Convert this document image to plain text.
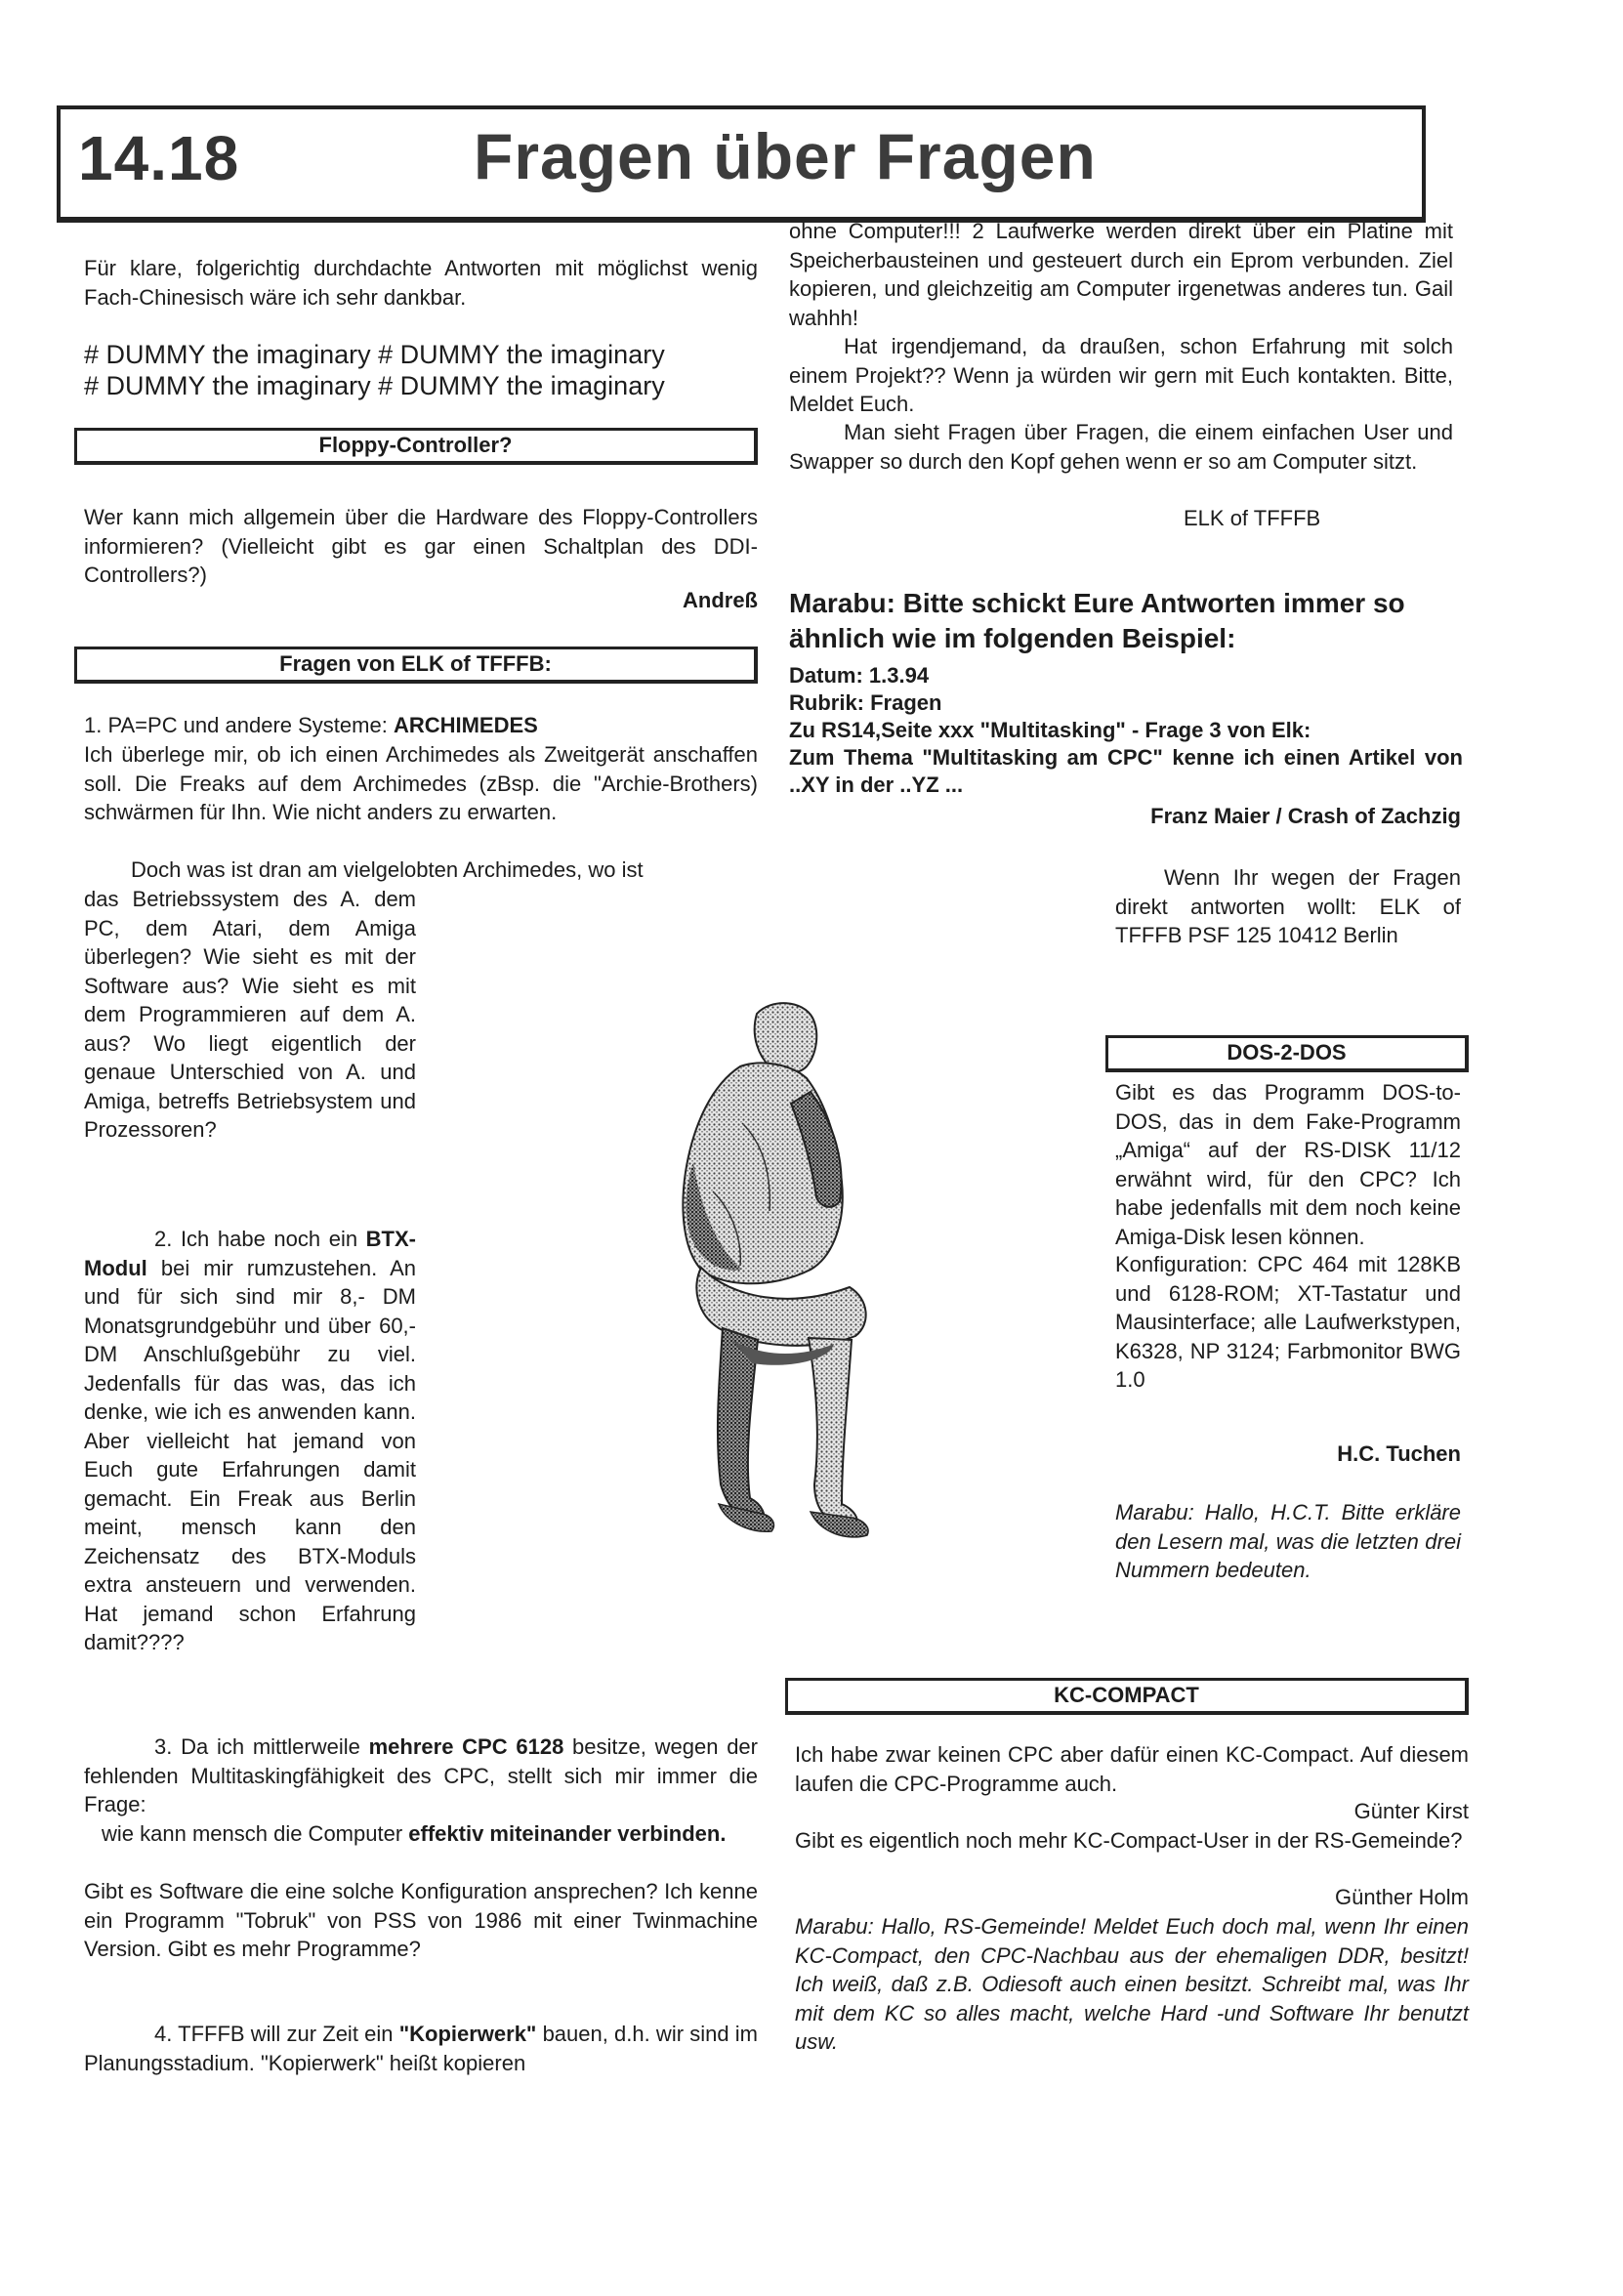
14.18	Fragen über Fragen

Für klare, folgerichtig durchdachte Antworten mit möglichst wenig Fach-Chinesisch wäre ich sehr dankbar.

# DUMMY the imaginary # DUMMY the imaginary

# DUMMY the imaginary # DUMMY the imaginary

Floppy-Controller?

Wer kann mich allgemein über die Hardware des Floppy-Controllers informieren? (Vielleicht gibt es gar einen Schaltplan des DDI-Controllers?)

Andreß

Fragen von ELK of TFFFB:

1. PA=PC und andere Systeme: ARCHIMEDES

Ich überlege mir, ob ich einen Archimedes als Zweitgerät anschaffen soll. Die Freaks auf dem Archimedes (zBsp. die "Archie-Brothers) schwärmen für Ihn. Wie nicht anders zu erwarten.

Doch was ist dran am vielgelobten Archimedes, wo ist

das Betriebssystem des A. dem PC, dem Atari, dem Amiga überlegen? Wie sieht es mit der Software aus? Wie sieht es mit dem Programmieren auf dem A. aus? Wo liegt eigentlich der genaue Unterschied von A. und Amiga, betreffs Betriebsystem und Prozessoren?

2. Ich habe noch ein BTX-Modul bei mir rumzustehen. An und für sich sind mir 8,- DM Monatsgrundgebühr und über 60,-DM Anschlußgebühr zu viel. Jedenfalls für das was, das ich denke, wie ich es anwenden kann. Aber vielleicht hat jemand von Euch gute Erfahrungen damit gemacht. Ein Freak aus Berlin meint, mensch kann den Zeichensatz des BTX-Moduls extra ansteuern und verwenden. Hat jemand schon Erfahrung damit????

3. Da ich mittlerweile mehrere CPC 6128 besitze, wegen der fehlenden Multitaskingfähigkeit des CPC, stellt sich mir immer die Frage:

wie kann mensch die Computer effektiv miteinander verbinden.

Gibt es Software die eine solche Konfiguration ansprechen? Ich kenne ein Programm "Tobruk" von PSS von 1986 mit einer Twinmachine Version. Gibt es mehr Programme?

4. TFFFB will zur Zeit ein "Kopierwerk" bauen, d.h. wir sind im Planungsstadium. "Kopierwerk" heißt kopieren

ohne Computer!!! 2 Laufwerke werden direkt über ein Platine mit Speicherbausteinen und gesteuert durch ein Eprom verbunden. Ziel kopieren, und gleichzeitig am Computer irgenetwas anderes tun. Gail wahhh!

Hat irgendjemand, da draußen, schon Erfahrung mit solch einem Projekt?? Wenn ja würden wir gern mit Euch kontakten. Bitte, Meldet Euch.

Man sieht Fragen über Fragen, die einem einfachen User und Swapper so durch den Kopf gehen wenn er so am Computer sitzt.

ELK of TFFFB

Marabu: Bitte schickt Eure Antworten immer so ähnlich wie im folgenden Beispiel:

Datum: 1.3.94

Rubrik: Fragen

Zu RS14,Seite xxx "Multitasking" - Frage 3 von Elk:

Zum Thema "Multitasking am CPC" kenne ich einen Artikel von ..XY in der ..YZ ...

Franz Maier / Crash of Zachzig

Wenn Ihr wegen der Fragen direkt antworten wollt: ELK of TFFFB PSF 125 10412 Berlin

DOS-2-DOS

Gibt es das Programm DOS-to-DOS, das in dem Fake-Programm „Amiga“ auf der RS-DISK 11/12 erwähnt wird, für den CPC? Ich habe jedenfalls mit dem noch keine Amiga-Disk lesen können.

Konfiguration: CPC 464 mit 128KB und 6128-ROM; XT-Tastatur und Mausinterface; alle Laufwerkstypen, K6328, NP 3124; Farbmonitor BWG 1.0

H.C. Tuchen

Marabu: Hallo, H.C.T. Bitte erkläre den Lesern mal, was die letzten drei Nummern bedeuten.

KC-COMPACT

Ich habe zwar keinen CPC aber dafür einen KC-Compact. Auf diesem laufen die CPC-Programme auch.

Günter Kirst

Gibt es eigentlich noch mehr KC-Compact-User in der RS-Gemeinde?

Günther Holm

Marabu: Hallo, RS-Gemeinde! Meldet Euch doch mal, wenn Ihr einen KC-Compact, den CPC-Nachbau aus der ehemaligen DDR, besitzt! Ich weiß, daß z.B. Odiesoft auch einen besitzt. Schreibt mal, was Ihr mit dem KC so alles macht, welche Hard -und Software Ihr benutzt usw.
